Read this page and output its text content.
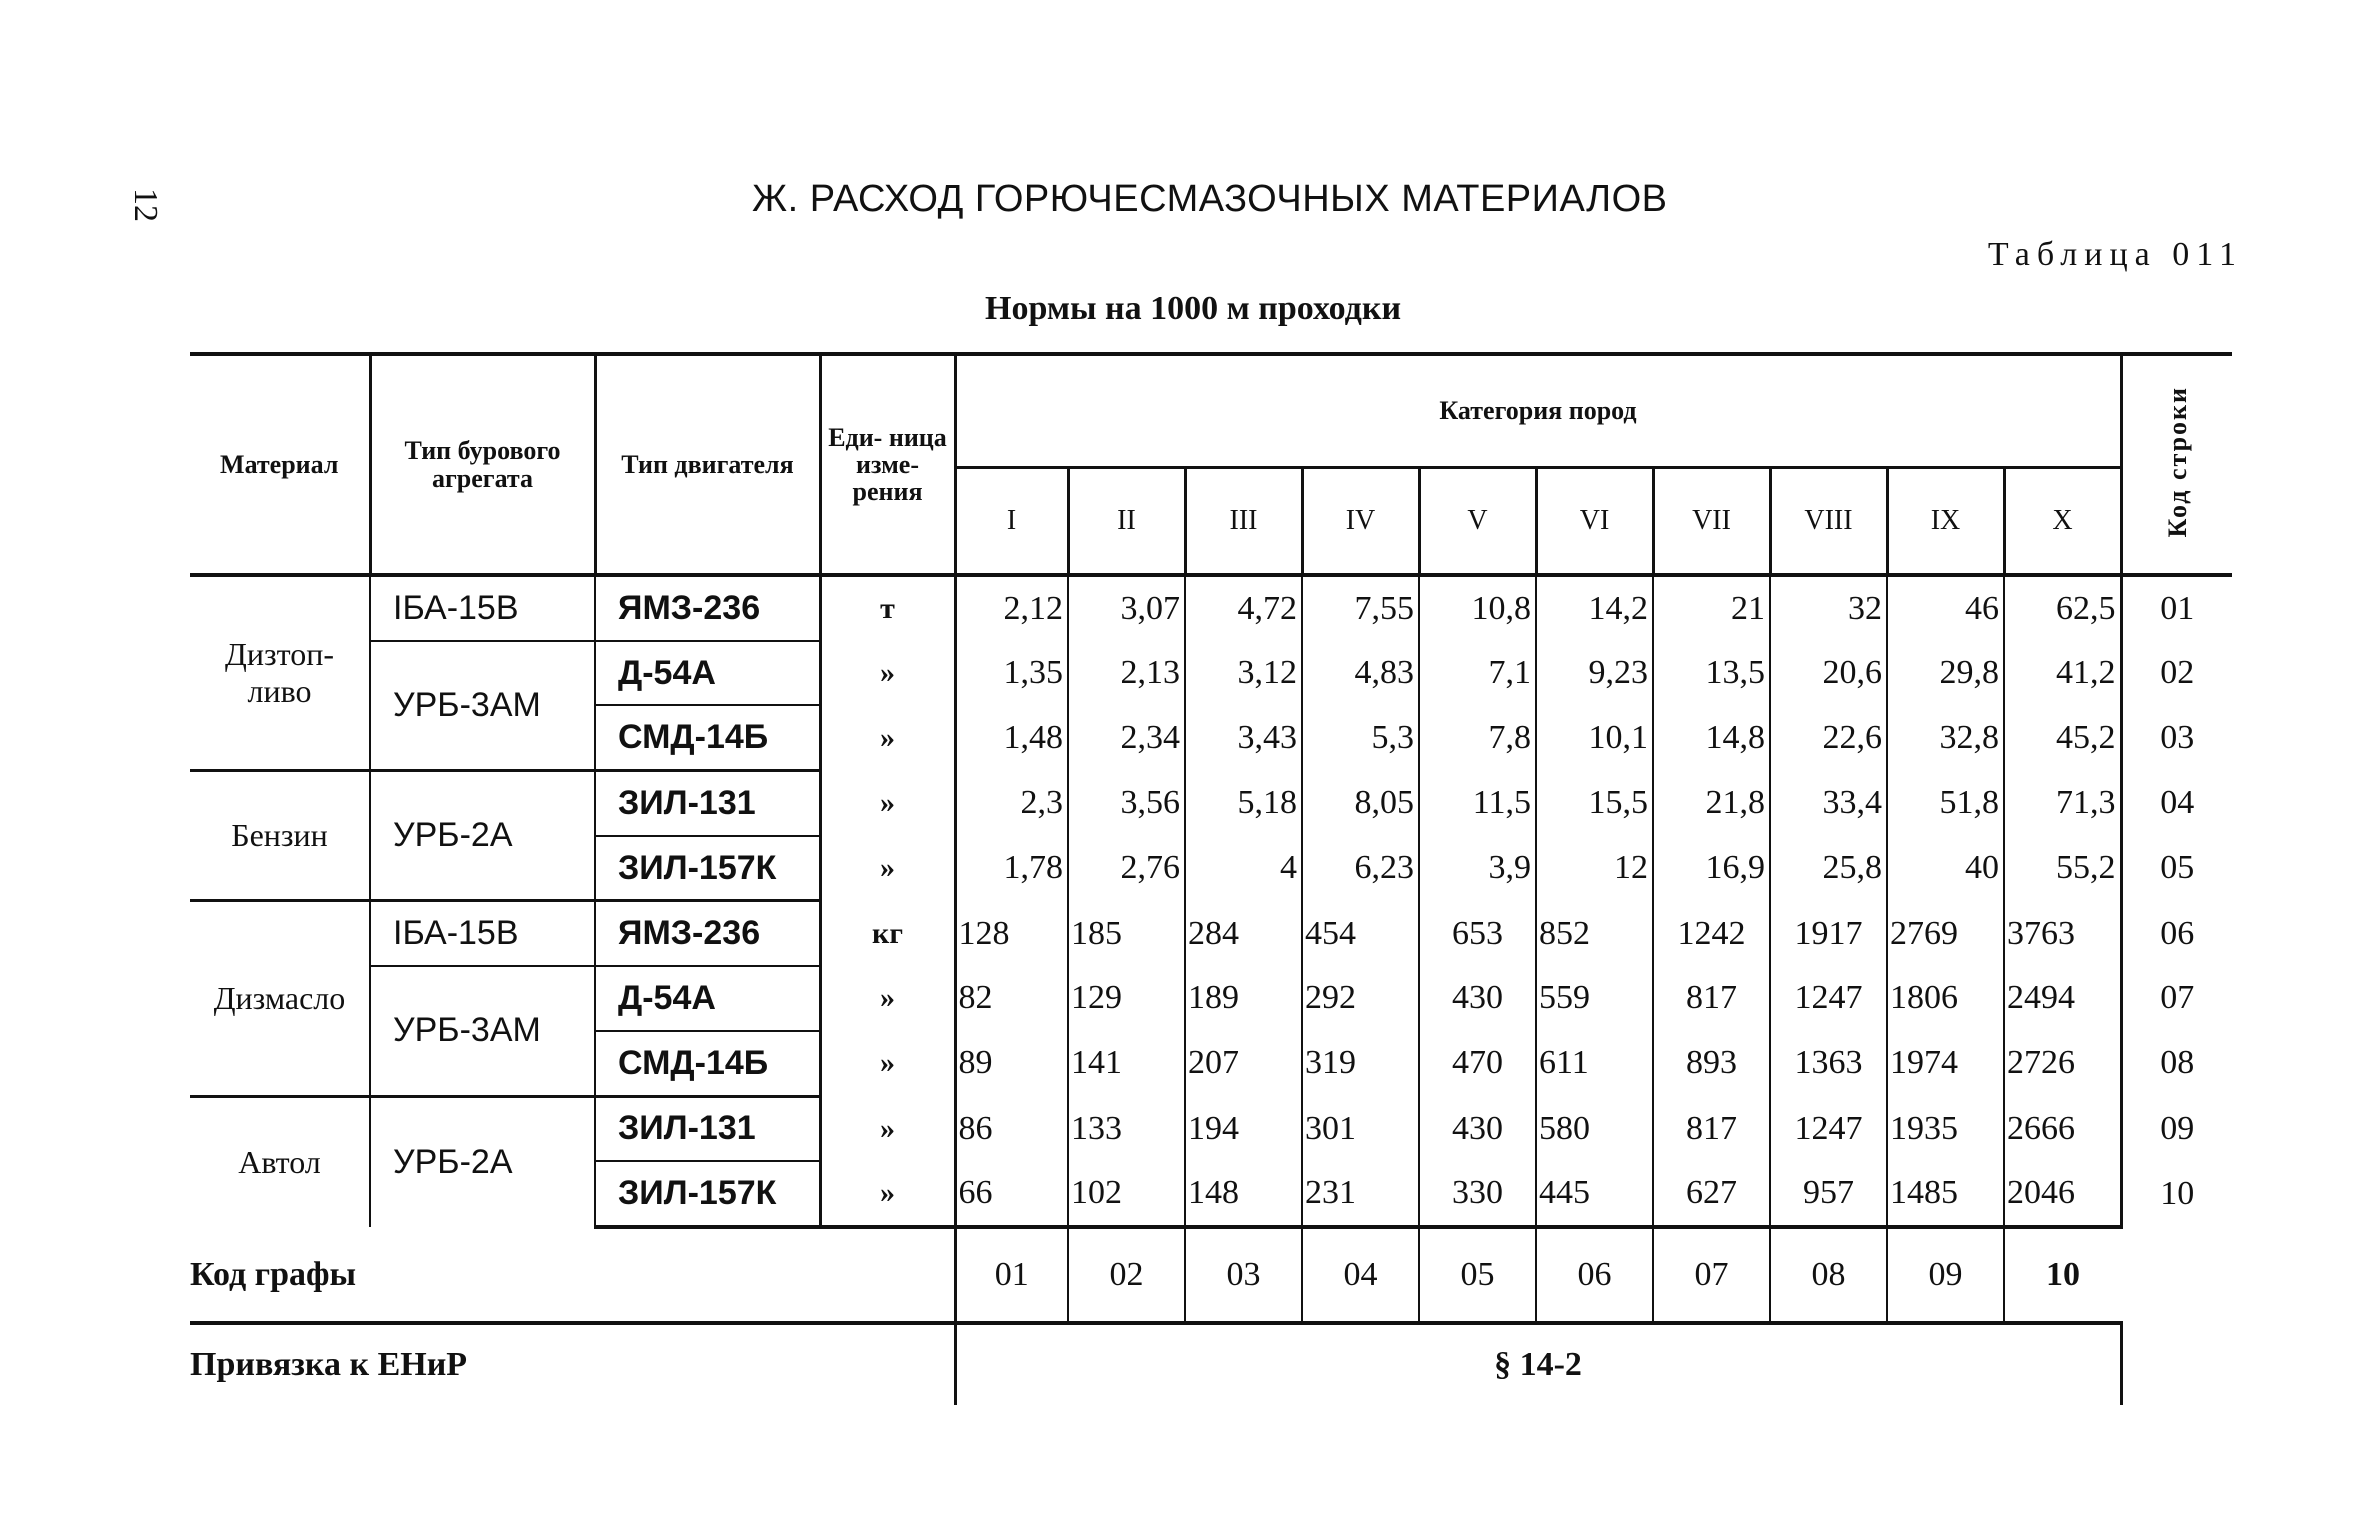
12	Ж. РАСХОД ГОРЮЧЕСМАЗОЧНЫХ МАТЕРИАЛОВ
Таблица 011
Нормы на 1000 м проходки
Материал	Тип бурового агрегата	Тип двигателя	Еди- ница изме- рения	Категория пород										Код строки
				I	II	III	IV	V	VI	VII	VIII	IX	X	
Дизтоп- ливо	IБА-15В	ЯМЗ-236	т	2,12	3,07	4,72	7,55	10,8	14,2	21	32	46	62,5	01
	УРБ-3АМ	Д-54А	»	1,35	2,13	3,12	4,83	7,1	9,23	13,5	20,6	29,8	41,2	02
		СМД-14Б	»	1,48	2,34	3,43	5,3	7,8	10,1	14,8	22,6	32,8	45,2	03
Бензин	УРБ-2А	ЗИЛ-131	»	2,3	3,56	5,18	8,05	11,5	15,5	21,8	33,4	51,8	71,3	04
		ЗИЛ-157К	»	1,78	2,76	4	6,23	3,9	12	16,9	25,8	40	55,2	05
Дизмасло	IБА-15В	ЯМЗ-236	кг	128	185	284	454	653	852	1242	1917	2769	3763	06
	УРБ-3АМ	Д-54А	»	82	129	189	292	430	559	817	1247	1806	2494	07
		СМД-14Б	»	89	141	207	319	470	611	893	1363	1974	2726	08
Автол	УРБ-2А	ЗИЛ-131	»	86	133	194	301	430	580	817	1247	1935	2666	09
		ЗИЛ-157К	»	66	102	148	231	330	445	627	957	1485	2046	10
Код графы				01	02	03	04	05	06	07	08	09	10	
Привязка к ЕНиР				§ 14-2										
